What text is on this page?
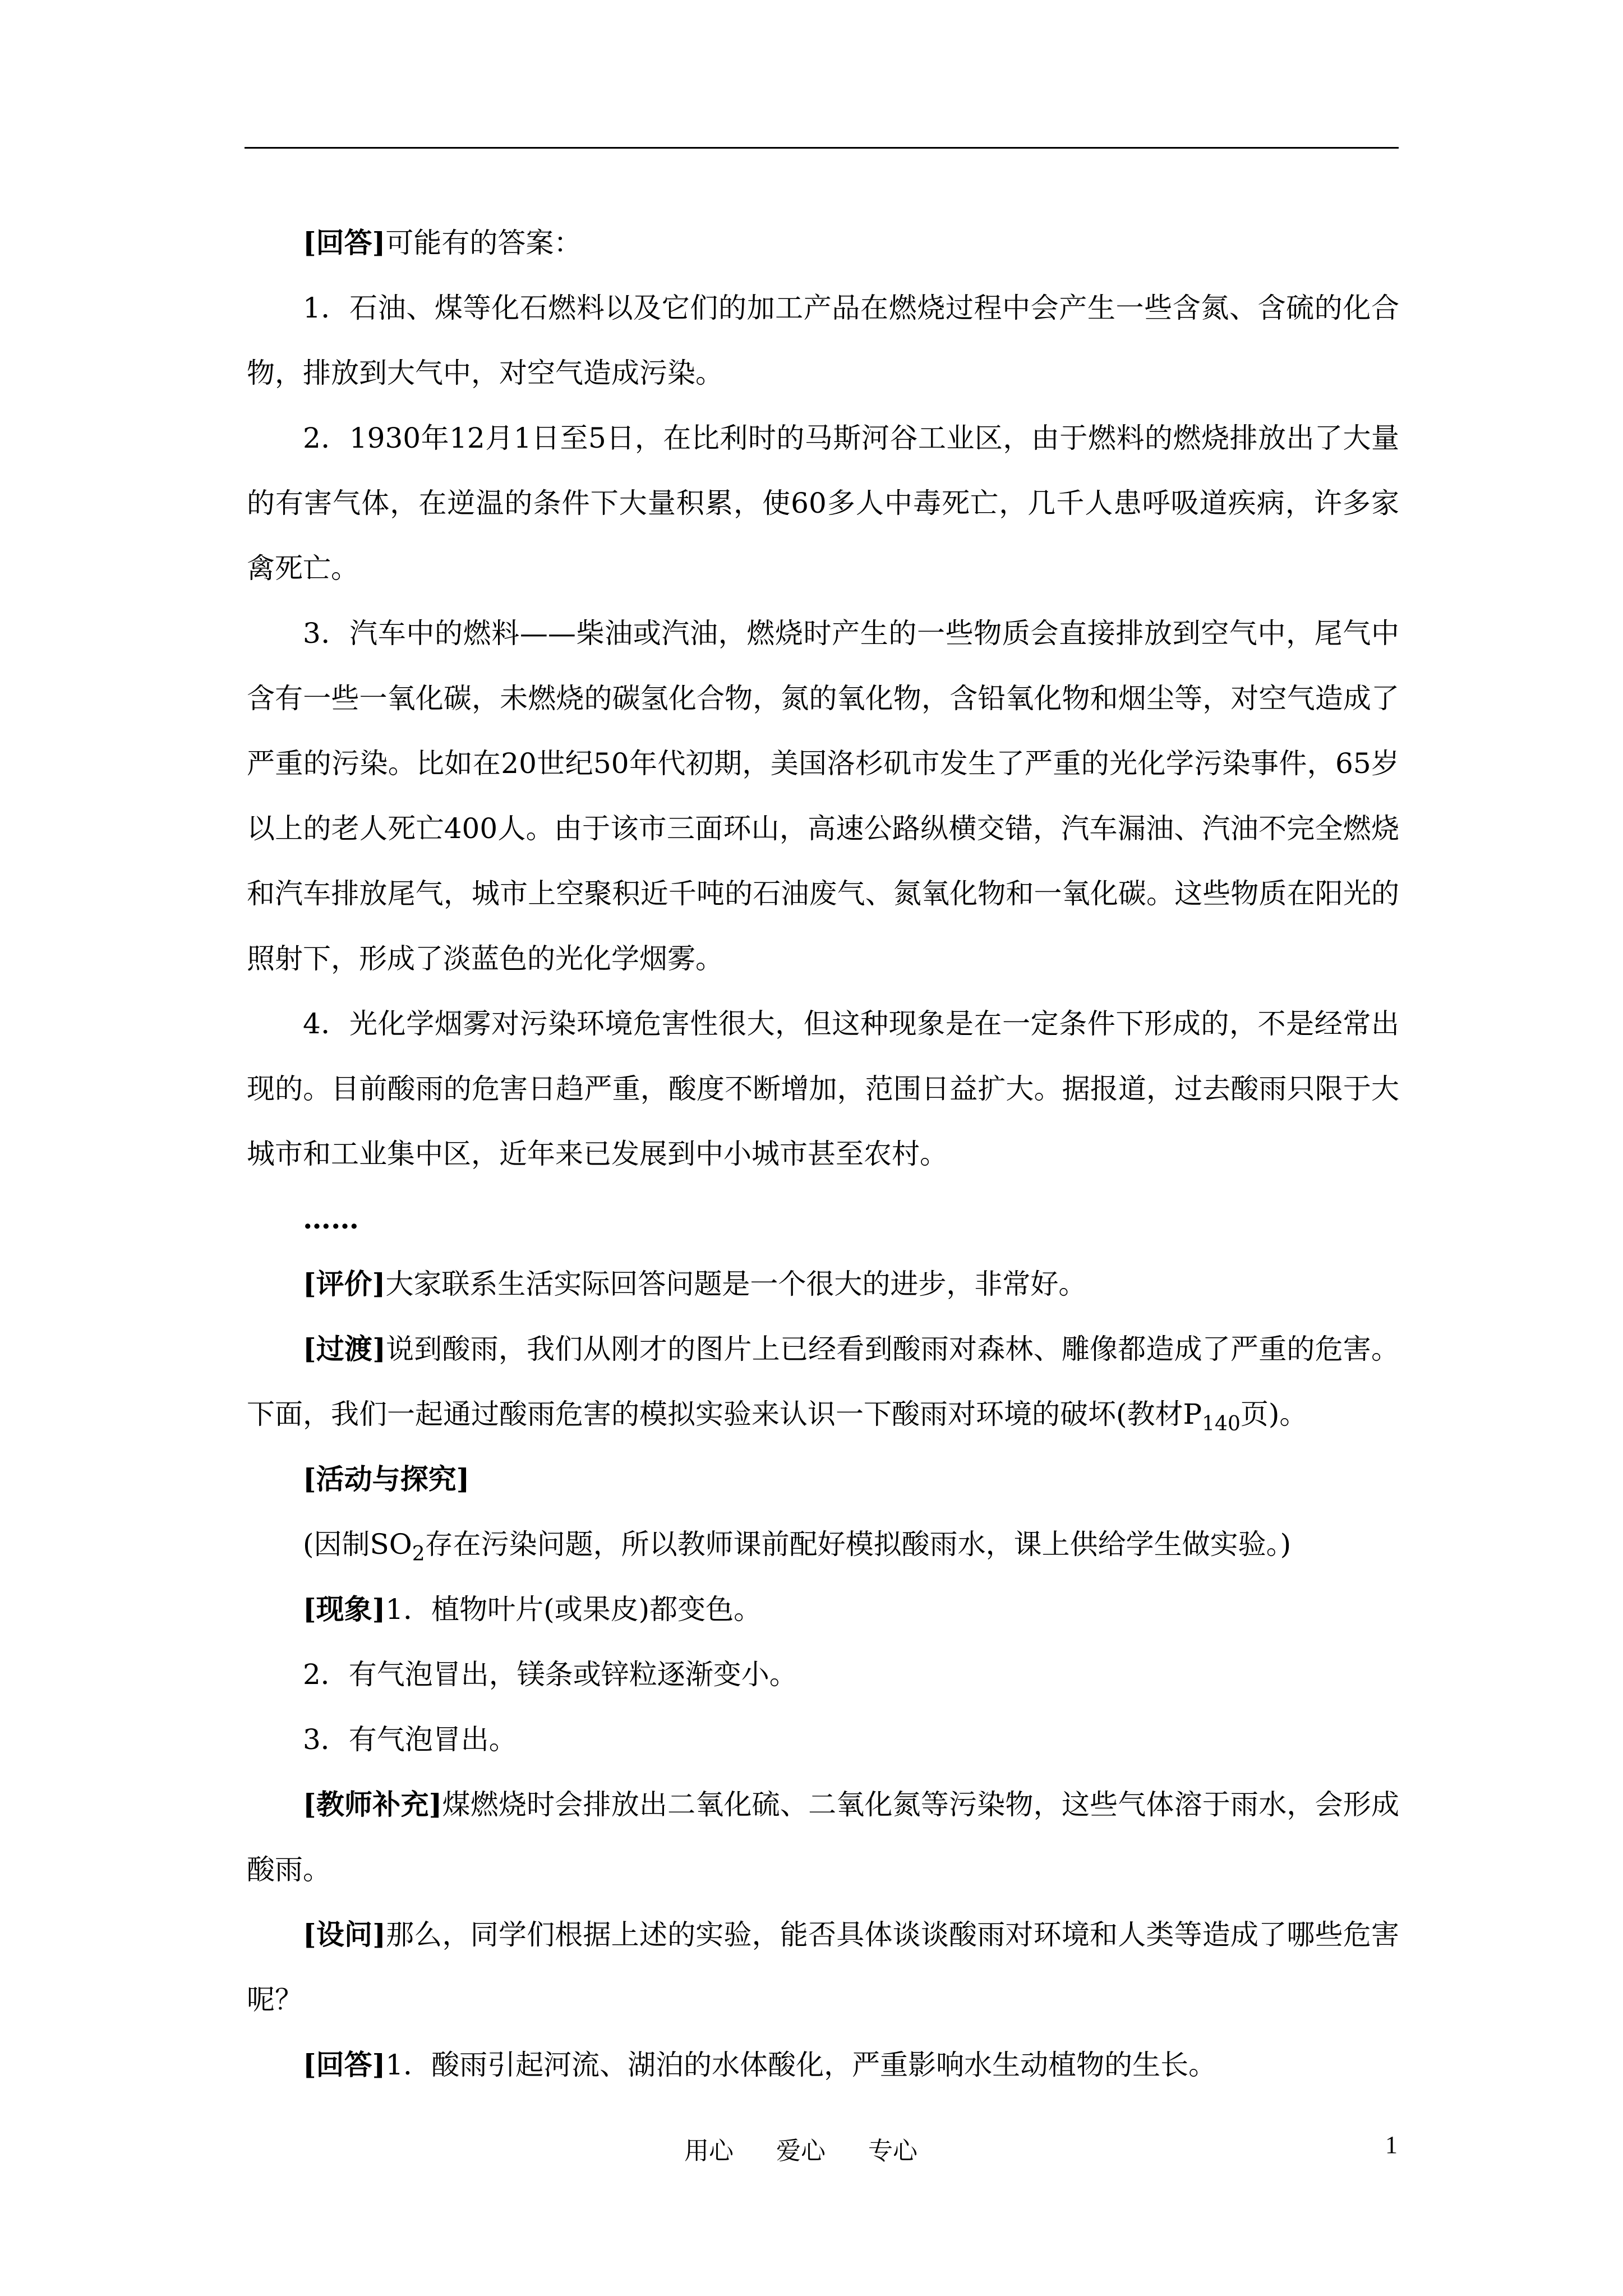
[回答]可能有的答案：

1．石油、煤等化石燃料以及它们的加工产品在燃烧过程中会产生一些含氮、含硫的化合物，排放到大气中，对空气造成污染。

2．1930年12月1日至5日，在比利时的马斯河谷工业区，由于燃料的燃烧排放出了大量的有害气体，在逆温的条件下大量积累，使60多人中毒死亡，几千人患呼吸道疾病，许多家禽死亡。

3．汽车中的燃料——柴油或汽油，燃烧时产生的一些物质会直接排放到空气中，尾气中含有一些一氧化碳，未燃烧的碳氢化合物，氮的氧化物，含铅氧化物和烟尘等，对空气造成了严重的污染。比如在20世纪50年代初期，美国洛杉矶市发生了严重的光化学污染事件，65岁以上的老人死亡400人。由于该市三面环山，高速公路纵横交错，汽车漏油、汽油不完全燃烧和汽车排放尾气，城市上空聚积近千吨的石油废气、氮氧化物和一氧化碳。这些物质在阳光的照射下，形成了淡蓝色的光化学烟雾。

4．光化学烟雾对污染环境危害性很大，但这种现象是在一定条件下形成的，不是经常出现的。目前酸雨的危害日趋严重，酸度不断增加，范围日益扩大。据报道，过去酸雨只限于大城市和工业集中区，近年来已发展到中小城市甚至农村。

……

[评价]大家联系生活实际回答问题是一个很大的进步，非常好。

[过渡]说到酸雨，我们从刚才的图片上已经看到酸雨对森林、雕像都造成了严重的危害。下面，我们一起通过酸雨危害的模拟实验来认识一下酸雨对环境的破坏(教材$P_{140}$页)。

[活动与探究]

(因制$SO_2$存在污染问题，所以教师课前配好模拟酸雨水，课上供给学生做实验。)

[现象]1．植物叶片(或果皮)都变色。

2．有气泡冒出，镁条或锌粒逐渐变小。

3．有气泡冒出。

[教师补充]煤燃烧时会排放出二氧化硫、二氧化氮等污染物，这些气体溶于雨水，会形成酸雨。

[设问]那么，同学们根据上述的实验，能否具体谈谈酸雨对环境和人类等造成了哪些危害呢？

[回答]1．酸雨引起河流、湖泊的水体酸化，严重影响水生动植物的生长。

用心 爱心 专心	1
